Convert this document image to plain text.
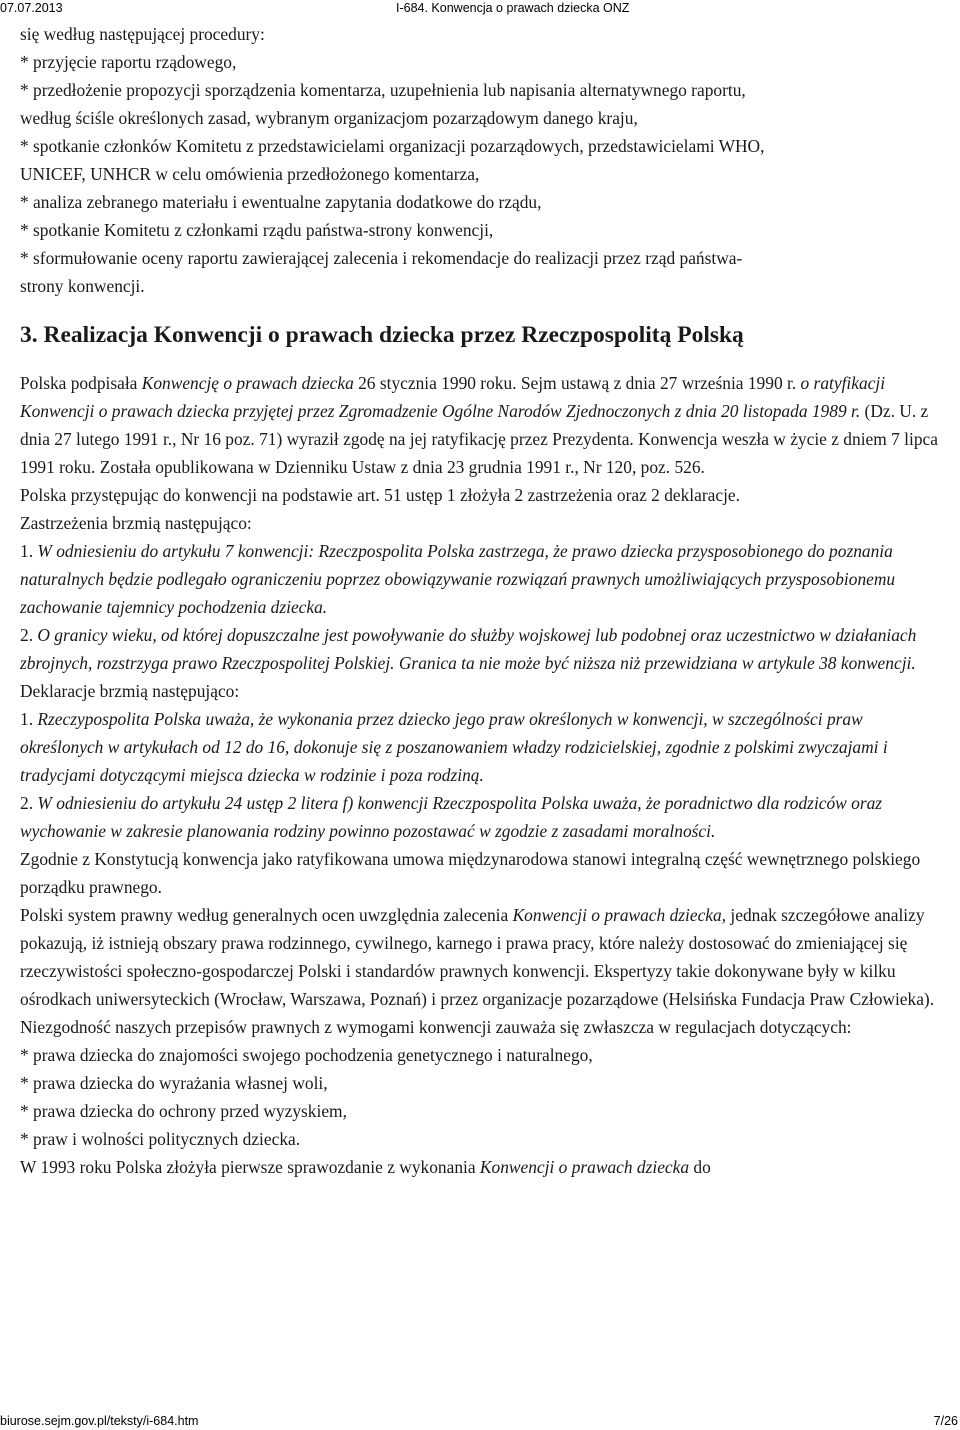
07.07.2013	I-684. Konwencja o prawach dziecka ONZ
się według następującej procedury:
* przyjęcie raportu rządowego,
* przedłożenie propozycji sporządzenia komentarza, uzupełnienia lub napisania alternatywnego raportu,
według ściśle określonych zasad, wybranym organizacjom pozarządowym danego kraju,
* spotkanie członków Komitetu z przedstawicielami organizacji pozarządowych, przedstawicielami WHO,
UNICEF, UNHCR w celu omówienia przedłożonego komentarza,
* analiza zebranego materiału i ewentualne zapytania dodatkowe do rządu,
* spotkanie Komitetu z członkami rządu państwa-strony konwencji,
* sformułowanie oceny raportu zawierającej zalecenia i rekomendacje do realizacji przez rząd państwa-
strony konwencji.
3. Realizacja Konwencji o prawach dziecka przez Rzeczpospolitą Polską

Polska podpisała Konwencję o prawach dziecka 26 stycznia 1990 roku. Sejm ustawą z dnia 27 września 1990 r. o ratyfikacji Konwencji o prawach dziecka przyjętej przez Zgromadzenie Ogólne Narodów Zjednoczonych z dnia 20 listopada 1989 r. (Dz. U. z dnia 27 lutego 1991 r., Nr 16 poz. 71) wyraził zgodę na jej ratyfikację przez Prezydenta. Konwencja weszła w życie z dniem 7 lipca 1991 roku. Została opublikowana w Dzienniku Ustaw z dnia 23 grudnia 1991 r., Nr 120, poz. 526.

Polska przystępując do konwencji na podstawie art. 51 ustęp 1 złożyła 2 zastrzeżenia oraz 2 deklaracje.

Zastrzeżenia brzmią następująco:

1. W odniesieniu do artykułu 7 konwencji: Rzeczpospolita Polska zastrzega, że prawo dziecka przysposobionego do poznania naturalnych będzie podlegało ograniczeniu poprzez obowiązywanie rozwiązań prawnych umożliwiających przysposobionemu zachowanie tajemnicy pochodzenia dziecka.

2. O granicy wieku, od której dopuszczalne jest powoływanie do służby wojskowej lub podobnej oraz uczestnictwo w działaniach zbrojnych, rozstrzyga prawo Rzeczpospolitej Polskiej. Granica ta nie może być niższa niż przewidziana w artykule 38 konwencji.

Deklaracje brzmią następująco:

1. Rzeczypospolita Polska uważa, że wykonania przez dziecko jego praw określonych w konwencji, w szczególności praw określonych w artykułach od 12 do 16, dokonuje się z poszanowaniem władzy rodzicielskiej, zgodnie z polskimi zwyczajami i tradycjami dotyczącymi miejsca dziecka w rodzinie i poza rodziną.

2. W odniesieniu do artykułu 24 ustęp 2 litera f) konwencji Rzeczpospolita Polska uważa, że poradnictwo dla rodziców oraz wychowanie w zakresie planowania rodziny powinno pozostawać w zgodzie z zasadami moralności.

Zgodnie z Konstytucją konwencja jako ratyfikowana umowa międzynarodowa stanowi integralną część wewnętrznego polskiego porządku prawnego.

Polski system prawny według generalnych ocen uwzględnia zalecenia Konwencji o prawach dziecka, jednak szczegółowe analizy pokazują, iż istnieją obszary prawa rodzinnego, cywilnego, karnego i prawa pracy, które należy dostosować do zmieniającej się rzeczywistości społeczno-gospodarczej Polski i standardów prawnych konwencji. Ekspertyzy takie dokonywane były w kilku ośrodkach uniwersyteckich (Wrocław, Warszawa, Poznań) i przez organizacje pozarządowe (Helsińska Fundacja Praw Człowieka).

Niezgodność naszych przepisów prawnych z wymogami konwencji zauważa się zwłaszcza w regulacjach dotyczących:

* prawa dziecka do znajomości swojego pochodzenia genetycznego i naturalnego,
* prawa dziecka do wyrażania własnej woli,
* prawa dziecka do ochrony przed wyzyskiem,
* praw i wolności politycznych dziecka.

W 1993 roku Polska złożyła pierwsze sprawozdanie z wykonania Konwencji o prawach dziecka do

biurose.sejm.gov.pl/teksty/i-684.htm	7/26
